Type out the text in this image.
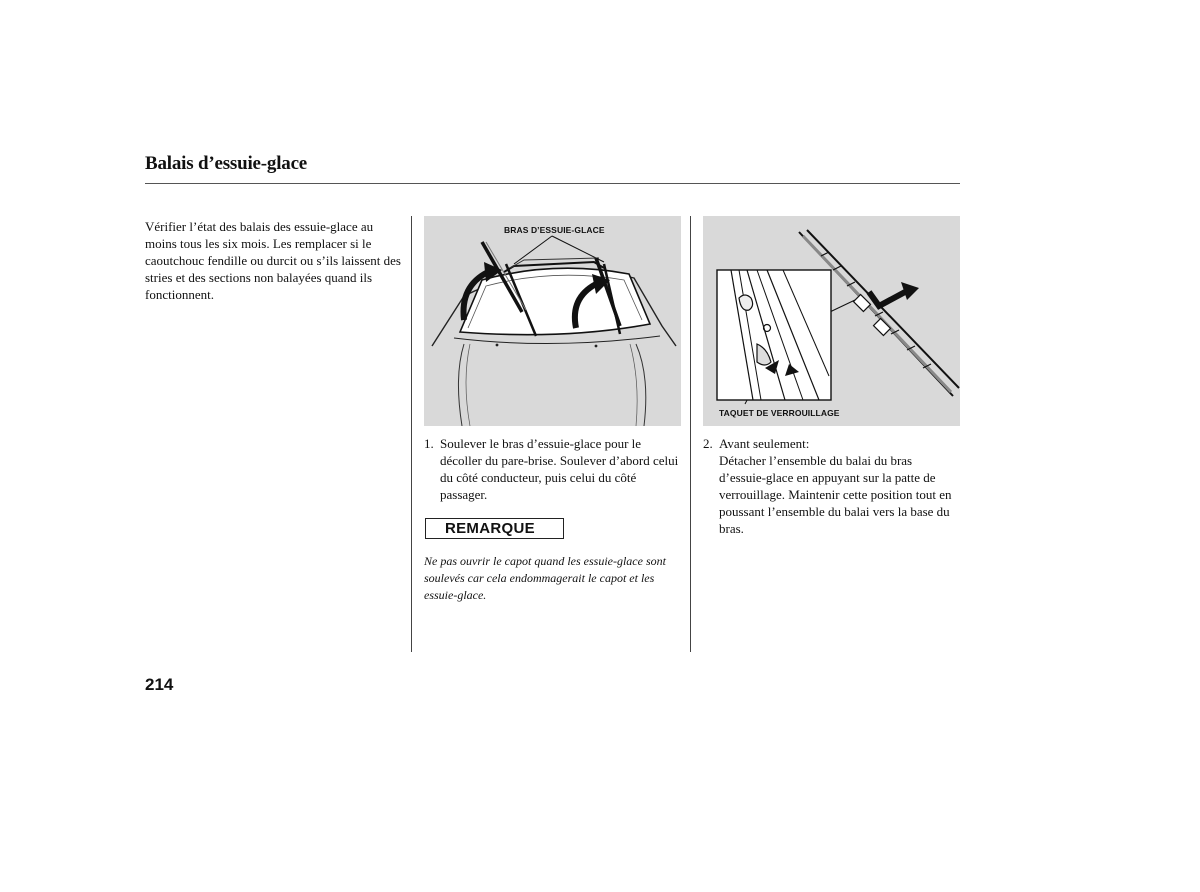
Balais d’essuie-glace
Vérifier l’état des balais des essuie-glace au moins tous les six mois. Les remplacer si le caoutchouc fendille ou durcit ou s’ils laissent des stries et des sections non balayées quand ils fonctionnent.
BRAS D’ESSUIE-GLACE
TAQUET DE VERROUILLAGE
1. Soulever le bras d’essuie-glace pour le décoller du pare-brise. Soulever d’abord celui du côté conducteur, puis celui du côté passager.
REMARQUE
Ne pas ouvrir le capot quand les essuie-glace sont soulevés car cela endommagerait le capot et les essuie-glace.
2. Avant seulement:
Détacher l’ensemble du balai du bras d’essuie-glace en appuyant sur la patte de verrouillage. Maintenir cette position tout en poussant l’ensemble du balai vers la base du bras.
214
